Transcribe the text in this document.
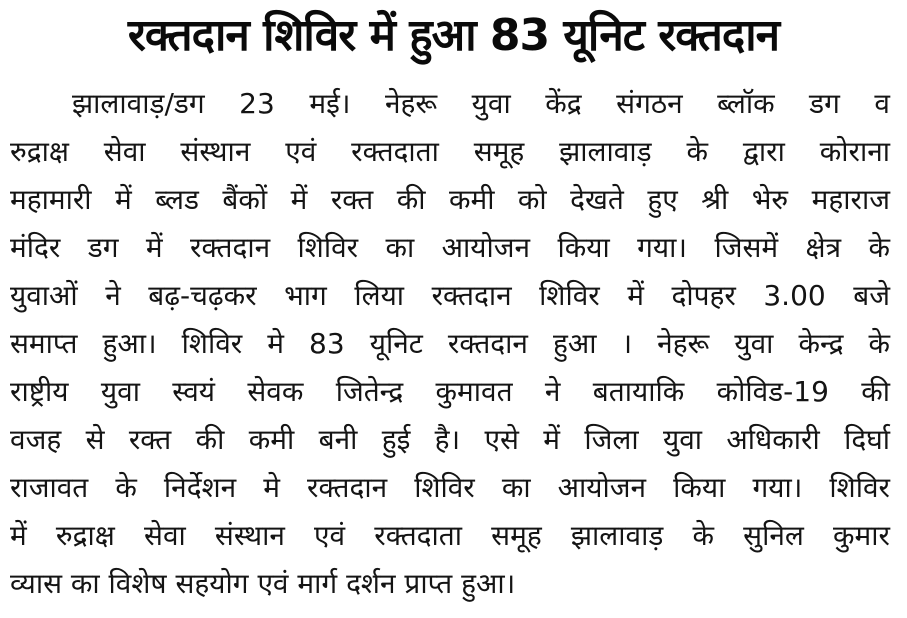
रक्तदान शिविर में हुआ 83 यूनिट रक्तदान
झालावाड़/डग 23 मई। नेहरू युवा केंद्र संगठन ब्लॉक डग व
रुद्राक्ष सेवा संस्थान एवं रक्तदाता समूह झालावाड़ के द्वारा कोराना
महामारी में ब्लड बैंकों में रक्त की कमी को देखते हुए श्री भेरु महाराज
मंदिर डग में रक्तदान शिविर का आयोजन किया गया। जिसमें क्षेत्र के
युवाओं ने बढ़-चढ़कर भाग लिया रक्तदान शिविर में दोपहर 3.00 बजे
समाप्त हुआ। शिविर मे 83 यूनिट रक्तदान हुआ । नेहरू युवा केन्द्र के
राष्ट्रीय युवा स्वयं सेवक जितेन्द्र कुमावत ने बतायाकि कोविड-19 की
वजह से रक्त की कमी बनी हुई है। एसे में जिला युवा अधिकारी दिर्घा
राजावत के निर्देशन मे रक्तदान शिविर का आयोजन किया गया। शिविर
में रुद्राक्ष सेवा संस्थान एवं रक्तदाता समूह झालावाड़ के सुनिल कुमार
व्यास का विशेष सहयोग एवं मार्ग दर्शन प्राप्त हुआ।
